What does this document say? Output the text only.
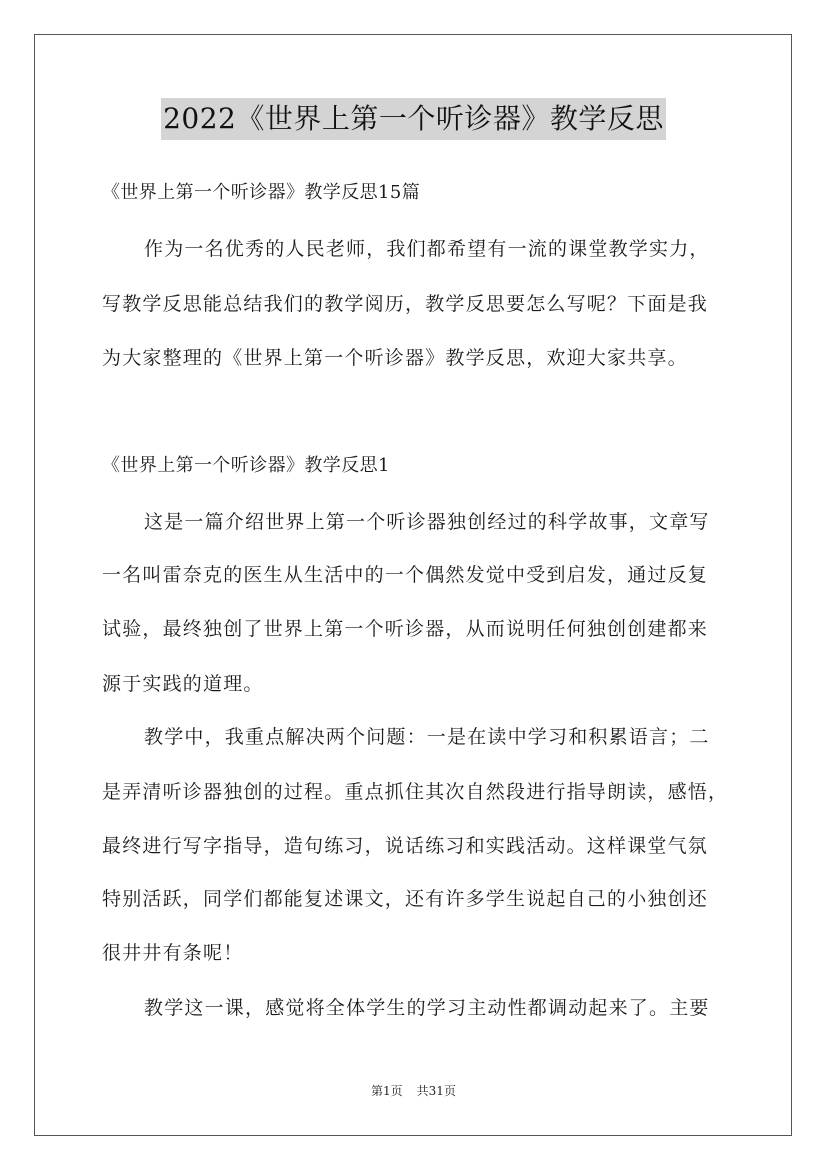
2022《世界上第一个听诊器》教学反思
《世界上第一个听诊器》教学反思15篇
作为一名优秀的人民老师，我们都希望有一流的课堂教学实力，
写教学反思能总结我们的教学阅历，教学反思要怎么写呢？下面是我
为大家整理的《世界上第一个听诊器》教学反思，欢迎大家共享。
《世界上第一个听诊器》教学反思1
这是一篇介绍世界上第一个听诊器独创经过的科学故事，文章写
一名叫雷奈克的医生从生活中的一个偶然发觉中受到启发，通过反复
试验，最终独创了世界上第一个听诊器，从而说明任何独创创建都来
源于实践的道理。
教学中，我重点解决两个问题：一是在读中学习和积累语言；二
是弄清听诊器独创的过程。重点抓住其次自然段进行指导朗读，感悟，
最终进行写字指导，造句练习，说话练习和实践活动。这样课堂气氛
特别活跃，同学们都能复述课文，还有许多学生说起自己的小独创还
很井井有条呢！
教学这一课，感觉将全体学生的学习主动性都调动起来了。主要
第1页 共31页
